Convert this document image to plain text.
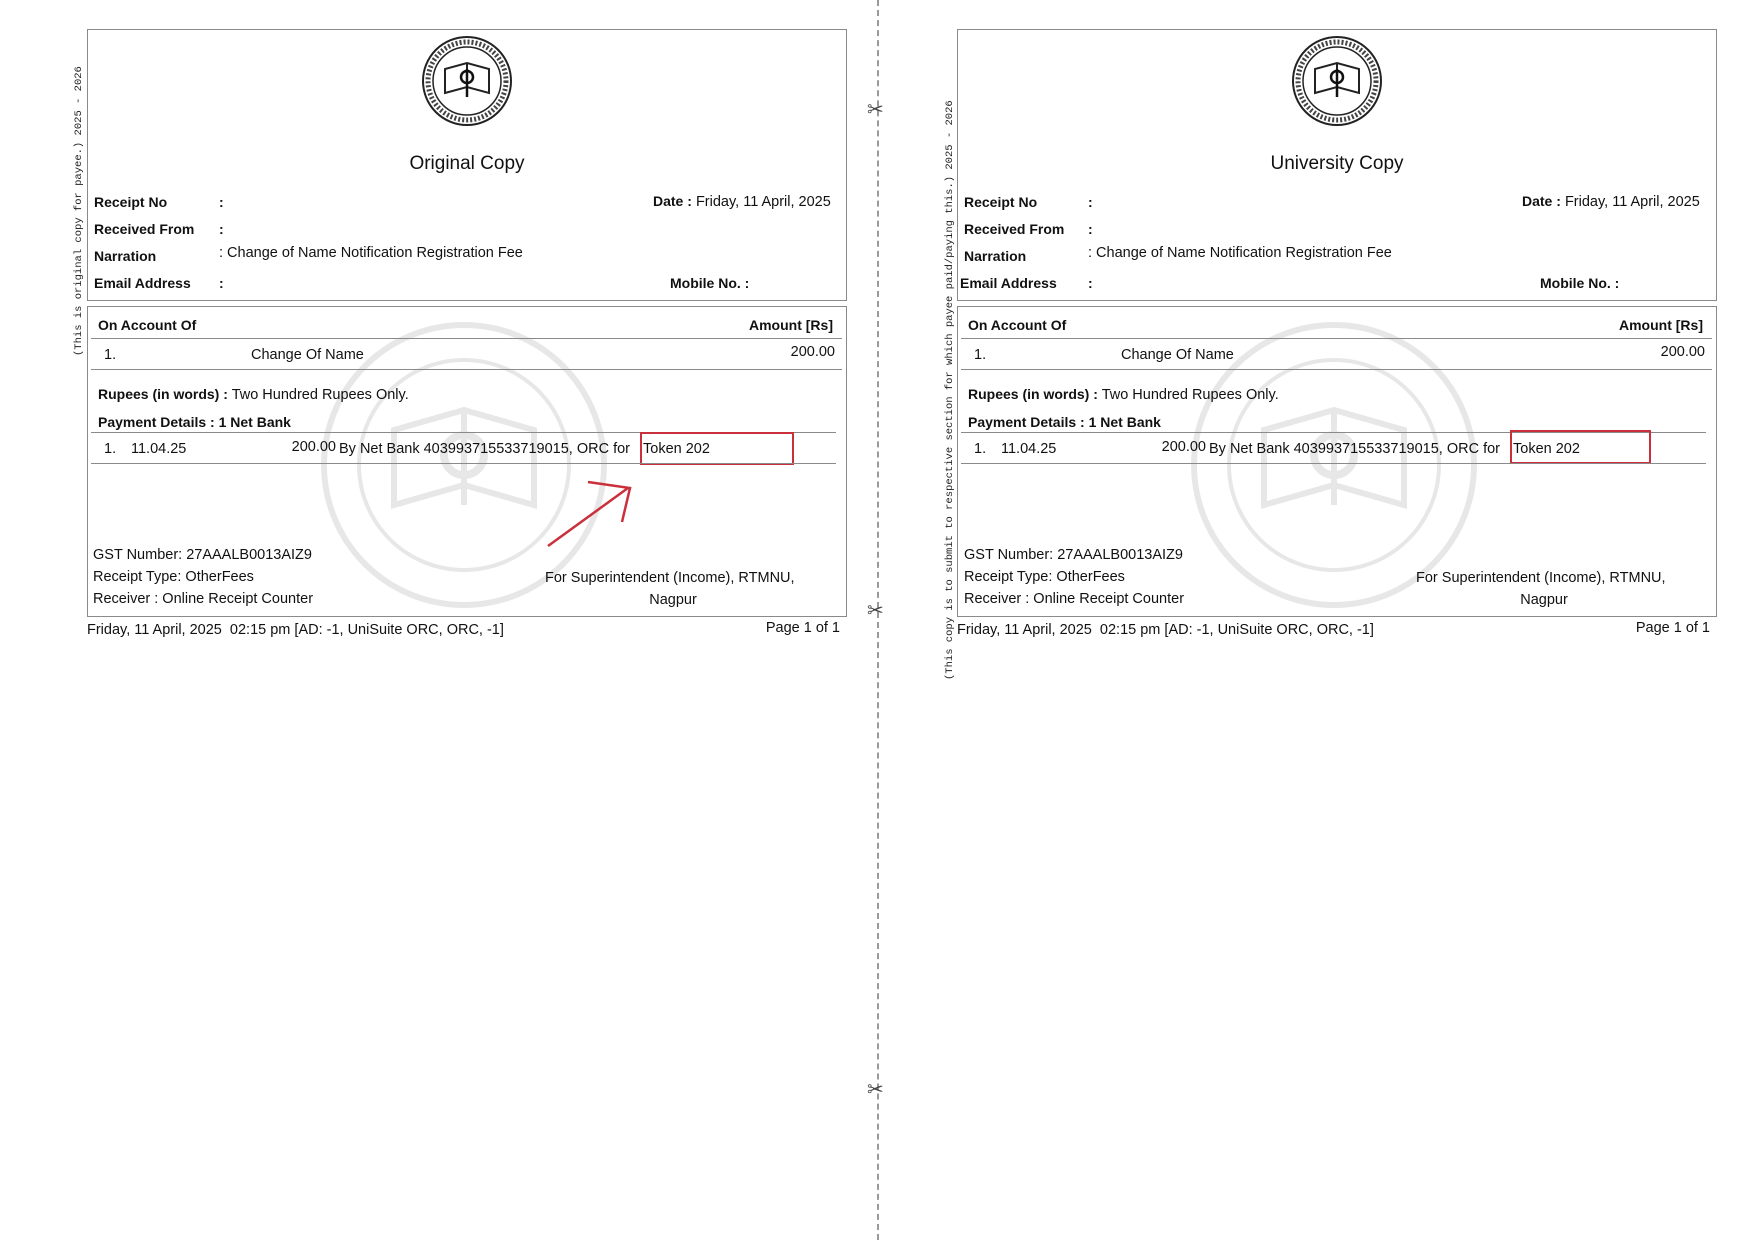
✂
✂
✂
(This is original copy for payee.) 2025 - 2026	Original Copy
Receipt No	:	Date : Friday, 11 April, 2025
Received From :
Narration	: Change of Name Notification Registration Fee
Email Address :	Mobile No. :
On Account Of	Amount [Rs]
1.	Change Of Name	200.00
Rupees (in words) : Two Hundred Rupees Only.
Payment Details : 1 Net Bank
1. 11.04.25	200.00 By Net Bank 403993715533719015, ORC for Token 202
GST Number: 27AAALB0013AIZ9
Receipt Type: OtherFees
Receiver : Online Receipt Counter
For Superintendent (Income), RTMNU,
Nagpur
Friday, 11 April, 2025  02:15 pm [AD: -1, UniSuite ORC, ORC, -1]	Page 1 of 1	(This copy is to submit to respective section for which payee paid/paying this.) 2025 - 2026	University Copy
Receipt No	:	Date : Friday, 11 April, 2025
Received From :
Narration	: Change of Name Notification Registration Fee
Email Address :	Mobile No. :
On Account Of	Amount [Rs]
1.	Change Of Name	200.00
Rupees (in words) : Two Hundred Rupees Only.
Payment Details : 1 Net Bank
1. 11.04.25	200.00 By Net Bank 403993715533719015, ORC for Token 202
GST Number: 27AAALB0013AIZ9
Receipt Type: OtherFees
Receiver : Online Receipt Counter
For Superintendent (Income), RTMNU,
Nagpur
Friday, 11 April, 2025  02:15 pm [AD: -1, UniSuite ORC, ORC, -1]	Page 1 of 1
